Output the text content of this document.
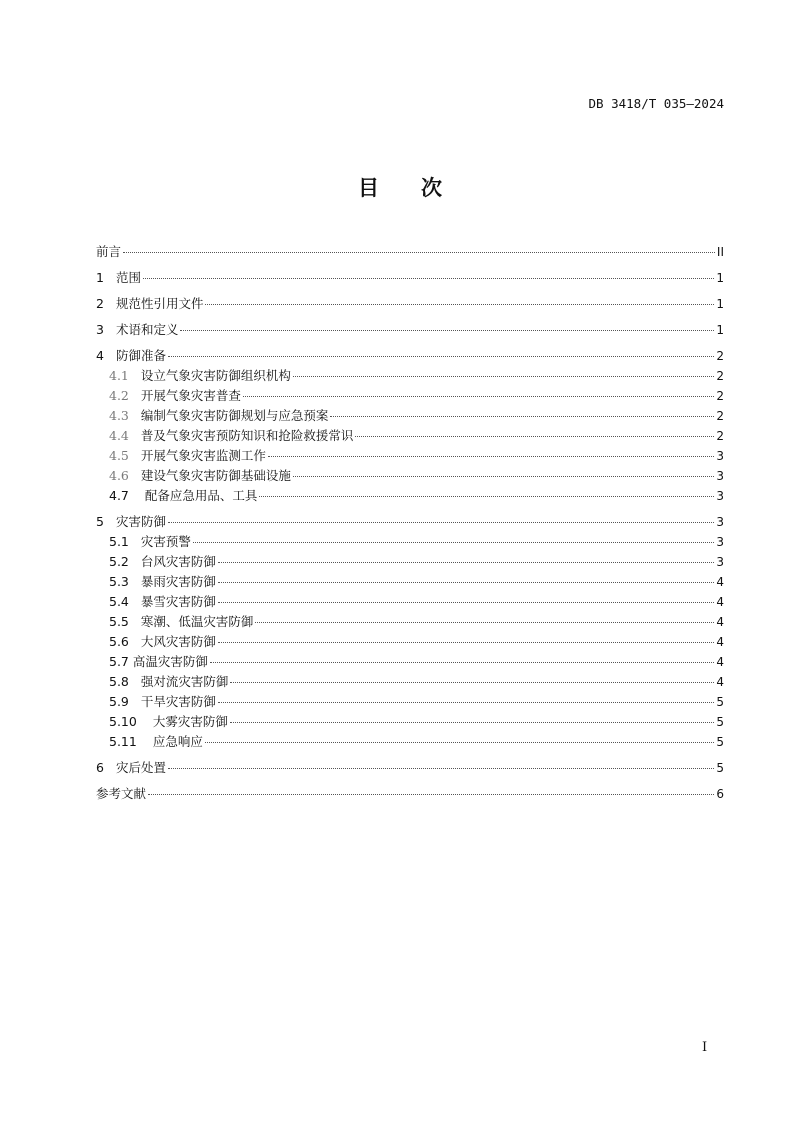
DB 3418/T 035—2024
目次
前言	II
1 范围	1
2 规范性引用文件	1
3 术语和定义	1
4 防御准备	2
4.1 设立气象灾害防御组织机构	2
4.2 开展气象灾害普查	2
4.3 编制气象灾害防御规划与应急预案	2
4.4 普及气象灾害预防知识和抢险救援常识	2
4.5 开展气象灾害监测工作	3
4.6 建设气象灾害防御基础设施	3
4.7 配备应急用品、工具	3
5 灾害防御	3
5.1 灾害预警	3
5.2 台风灾害防御	3
5.3 暴雨灾害防御	4
5.4 暴雪灾害防御	4
5.5 寒潮、低温灾害防御	4
5.6 大风灾害防御	4
5.7 高温灾害防御	4
5.8 强对流灾害防御	4
5.9 干旱灾害防御	5
5.10 大雾灾害防御	5
5.11 应急响应	5
6 灾后处置	5
参考文献	6
I
